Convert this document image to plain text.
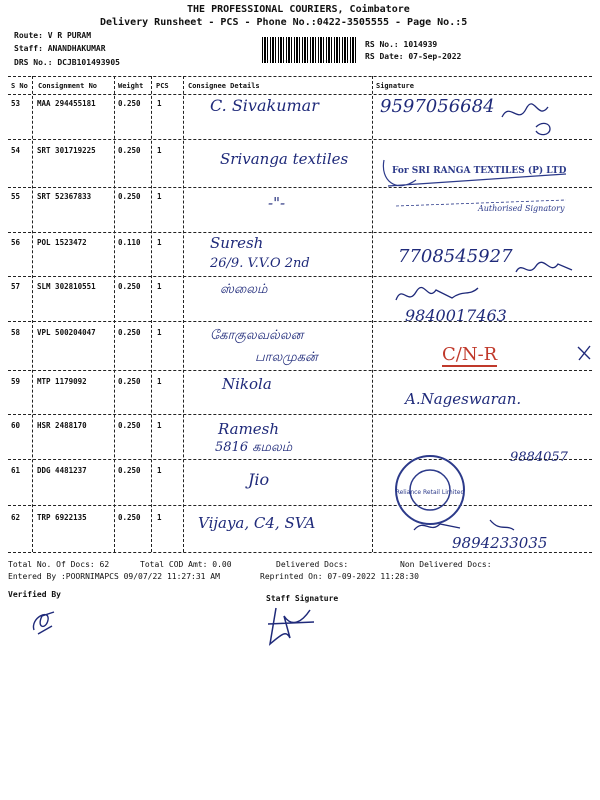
THE PROFESSIONAL COURIERS, Coimbatore
Delivery Runsheet - PCS - Phone No.:0422-3505555 - Page No.:5
Route: V R PURAM
Staff: ANANDHAKUMAR
DRS No.: DCJB101493905
RS No.: 1014939
RS Date: 07-Sep-2022
S No Consignment No	Weight PCS	Consignee Details	Signature
53 MAA 294455181	0.250 1	C. Sivakumar	9597056684
54 SRT 301719225	0.250 1	Srivanga textiles
For SRI RANGA TEXTILES (P) LTD
55 SRT 52367833	0.250 1	-"-	Authorised Signatory
56 POL 1523472	0.110 1	Suresh
26/9. V.V.O 2nd	7708545927
57 SLM 302810551	0.250 1	ஸ்லைம்
9840017463
58 VPL 500204047	0.250 1	கோகுலவல்லன
பாலமுகன்	C/N-R
59 MTP 1179092	0.250 1	Nikola
A.Nageswaran.
60 HSR 2488170	0.250 1	Ramesh
5816 கமலம்
9884057
61 DDG 4481237	0.250 1	Jio
62 TRP 6922135	0.250 1 Vijaya, C4, SVA
9894233035
Reliance Retail Limited
Total No. Of Docs: 62	Total COD Amt: 0.00	Delivered Docs:	Non Delivered Docs:
Entered By :POORNIMAPCS 09/07/22 11:27:31 AM	Reprinted On: 07-09-2022 11:28:30
Verified By	Staff Signature
